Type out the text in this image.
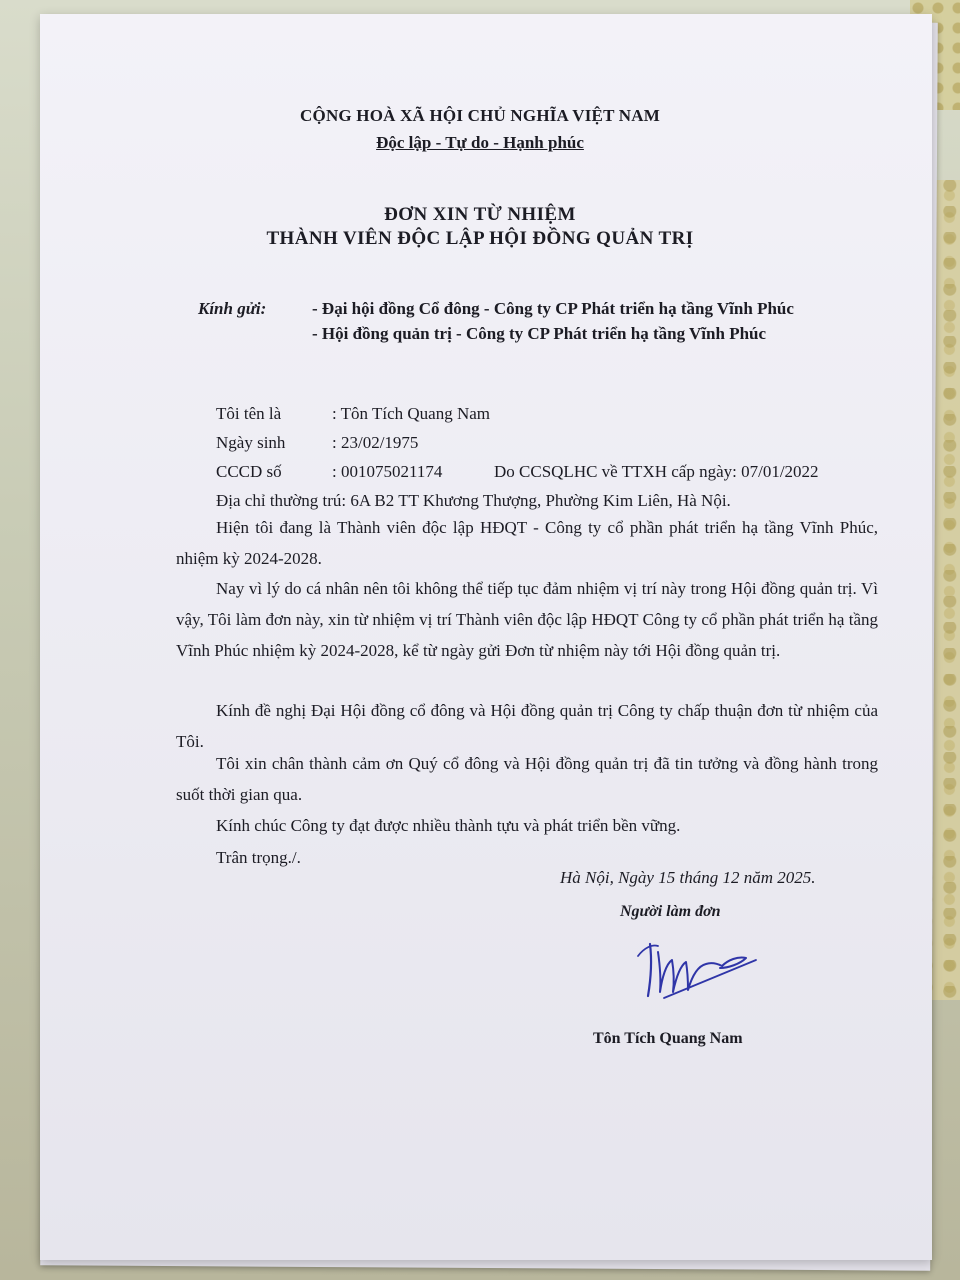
CỘNG HOÀ XÃ HỘI CHỦ NGHĨA VIỆT NAM
Độc lập - Tự do - Hạnh phúc
ĐƠN XIN TỪ NHIỆM
THÀNH VIÊN ĐỘC LẬP HỘI ĐỒNG QUẢN TRỊ
Kính gửi:	- Đại hội đồng Cổ đông - Công ty CP Phát triển hạ tầng Vĩnh Phúc
- Hội đồng quản trị - Công ty CP Phát triển hạ tầng Vĩnh Phúc
Tôi tên là	: Tôn Tích Quang Nam
Ngày sinh	: 23/02/1975
CCCD số	: 001075021174	Do CCSQLHC về TTXH cấp ngày: 07/01/2022
Địa chỉ thường trú: 6A B2 TT Khương Thượng, Phường Kim Liên, Hà Nội.
Hiện tôi đang là Thành viên độc lập HĐQT - Công ty cổ phần phát triển hạ tầng Vĩnh Phúc, nhiệm kỳ 2024-2028.
Nay vì lý do cá nhân nên tôi không thể tiếp tục đảm nhiệm vị trí này trong Hội đồng quản trị. Vì vậy, Tôi làm đơn này, xin từ nhiệm vị trí Thành viên độc lập HĐQT Công ty cổ phần phát triển hạ tầng Vĩnh Phúc nhiệm kỳ 2024-2028, kể từ ngày gửi Đơn từ nhiệm này tới Hội đồng quản trị.
Kính đề nghị Đại Hội đồng cổ đông và Hội đồng quản trị Công ty chấp thuận đơn từ nhiệm của Tôi.
Tôi xin chân thành cảm ơn Quý cổ đông và Hội đồng quản trị đã tin tưởng và đồng hành trong suốt thời gian qua.
Kính chúc Công ty đạt được nhiều thành tựu và phát triển bền vững.
Trân trọng./.
Hà Nội, Ngày 15 tháng 12 năm 2025.
Người làm đơn
Tôn Tích Quang Nam
